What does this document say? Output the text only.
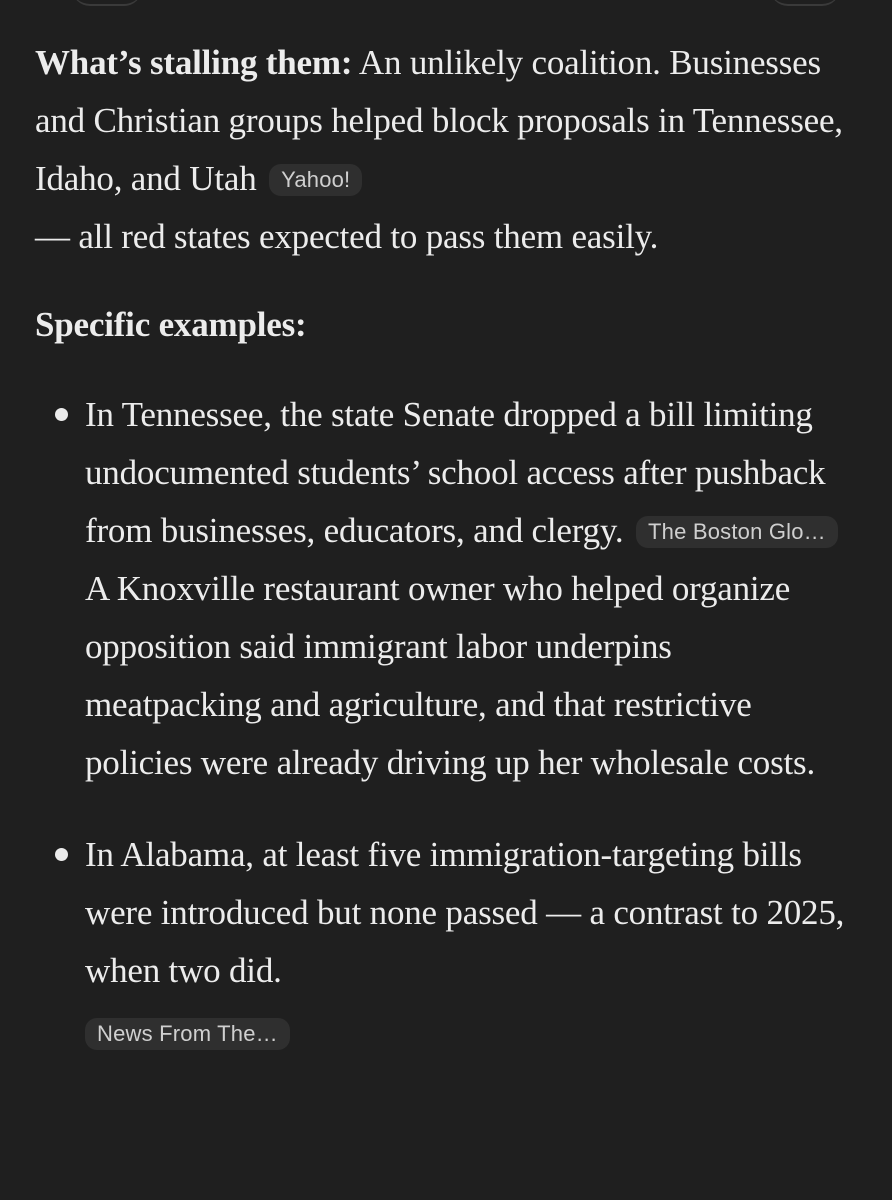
What’s stalling them: An unlikely coalition. Businesses and Christian groups helped block proposals in Tennessee, Idaho, and Utah Yahoo!
— all red states expected to pass them easily.

Specific examples:

In Tennessee, the state Senate dropped a bill limiting undocumented students’ school access after pushback from businesses, educators, and clergy. The Boston Glo… A Knoxville restaurant owner who helped organize opposition said immigrant labor underpins meatpacking and agriculture, and that restrictive policies were already driving up her wholesale costs.
In Alabama, at least five immigration-targeting bills were introduced but none passed — a contrast to 2025, when two did.
News From The…
